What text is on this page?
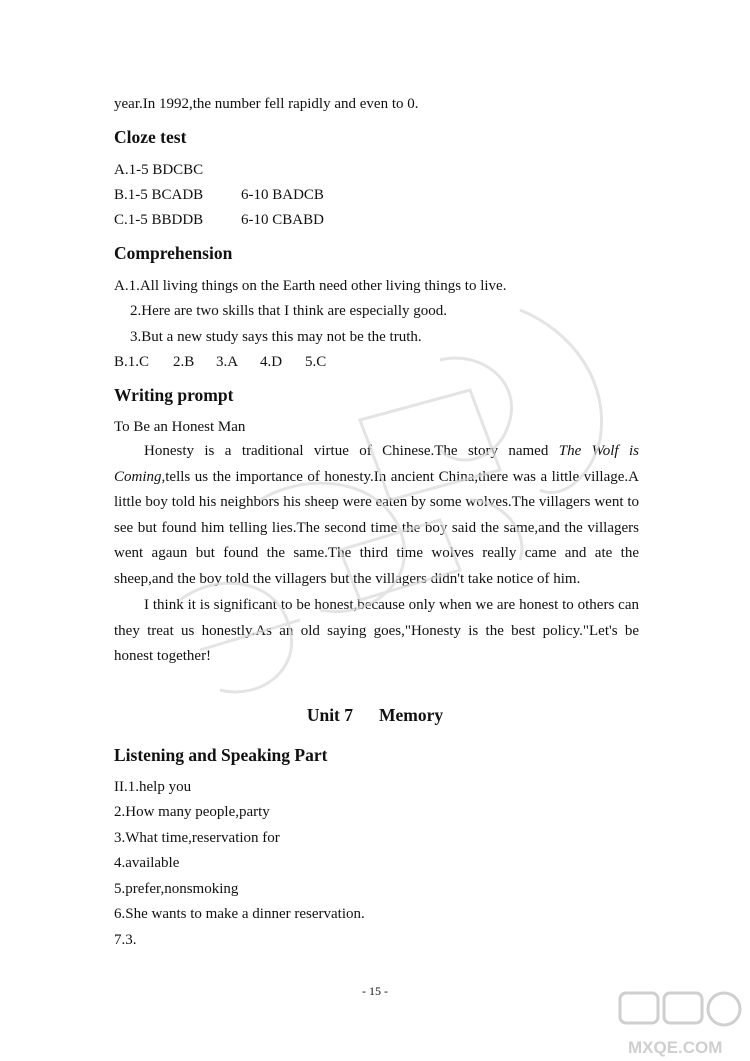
year.In 1992,the number fell rapidly and even to 0.
Cloze test
A.1-5 BDCBC
B.1-5 BCADB	6-10 BADCB
C.1-5 BBDDB	6-10 CBABD
Comprehension
A.1.All living things on the Earth need other living things to live.
2.Here are two skills that I think are especially good.
3.But a new study says this may not be the truth.
B.1.C 2.B 3.A 4.D 5.C
Writing prompt
To Be an Honest Man
Honesty is a traditional virtue of Chinese.The story named The Wolf is Coming,tells us the importance of honesty.In ancient China,there was a little village.A little boy told his neighbors his sheep were eaten by some wolves.The villagers went to see but found him telling lies.The second time the boy said the same,and the villagers went agaun but found the same.The third time wolves really came and ate the sheep,and the boy told the villagers but the villagers didn't take notice of him.
I think it is significant to be honest,because only when we are honest to others can they treat us honestly.As an old saying goes,"Honesty is the best policy."Let's be honest together!
Unit 7 Memory
Listening and Speaking Part
II.1.help you
2.How many people,party
3.What time,reservation for
4.available
5.prefer,nonsmoking
6.She wants to make a dinner reservation.
7.3.
- 15 -
MXQE.COM
